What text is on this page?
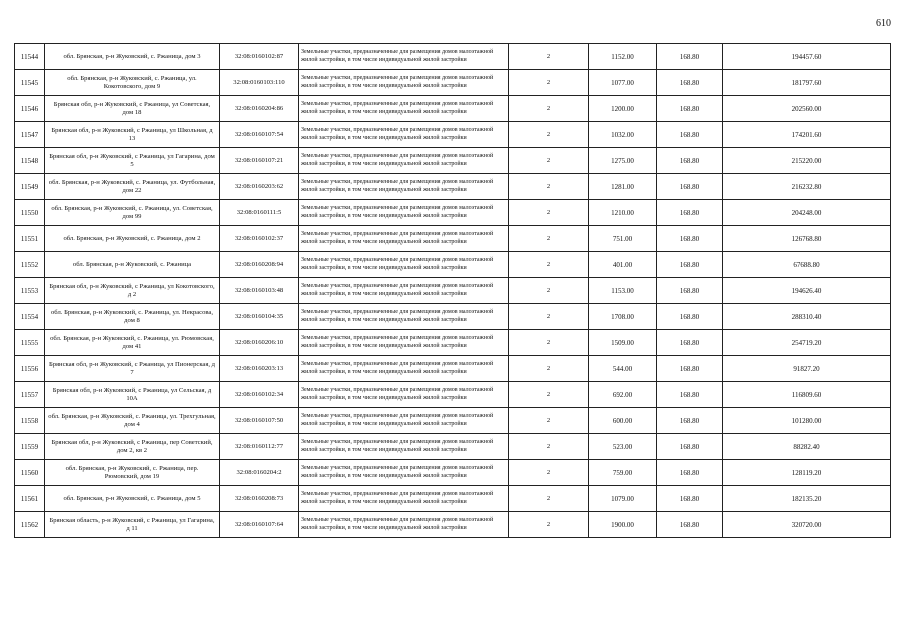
610
11544	обл. Брянская, р-н Жуковский, с. Ржаница, дом 3	32:08:0160102:87	Земельные участки, предназначенные для размещения домов малоэтажной жилой застройки, в том числе индивидуальной жилой застройки	2	1152.00	168.80	194457.60
11545	обл. Брянская, р-н Жуковский, с. Ржаница, ул. Кокотовского, дом 9	32:08:0160103:110	Земельные участки, предназначенные для размещения домов малоэтажной жилой застройки, в том числе индивидуальной жилой застройки	2	1077.00	168.80	181797.60
11546	Брянская обл, р-н Жуковский, с Ржаница, ул Советская, дом 18	32:08:0160204:86	Земельные участки, предназначенные для размещения домов малоэтажной жилой застройки, в том числе индивидуальной жилой застройки	2	1200.00	168.80	202560.00
11547	Брянская обл, р-н Жуковский, с Ржаница, ул Школьная, д 13	32:08:0160107:54	Земельные участки, предназначенные для размещения домов малоэтажной жилой застройки, в том числе индивидуальной жилой застройки	2	1032.00	168.80	174201.60
11548	Брянская обл, р-н Жуковский, с Ржаница, ул Гагарина, дом 5	32:08:0160107:21	Земельные участки, предназначенные для размещения домов малоэтажной жилой застройки, в том числе индивидуальной жилой застройки	2	1275.00	168.80	215220.00
11549	обл. Брянская, р-н Жуковский, с. Ржаница, ул. Футбольная, дом 22	32:08:0160203:62	Земельные участки, предназначенные для размещения домов малоэтажной жилой застройки, в том числе индивидуальной жилой застройки	2	1281.00	168.80	216232.80
11550	обл. Брянская, р-н Жуковский, с. Ржаница, ул. Советская, дом 99	32:08:0160111:5	Земельные участки, предназначенные для размещения домов малоэтажной жилой застройки, в том числе индивидуальной жилой застройки	2	1210.00	168.80	204248.00
11551	обл. Брянская, р-н Жуковский, с. Ржаница, дом 2	32:08:0160102:37	Земельные участки, предназначенные для размещения домов малоэтажной жилой застройки, в том числе индивидуальной жилой застройки	2	751.00	168.80	126768.80
11552	обл. Брянская, р-н Жуковский, с. Ржаница	32:08:0160208:94	Земельные участки, предназначенные для размещения домов малоэтажной жилой застройки, в том числе индивидуальной жилой застройки	2	401.00	168.80	67688.80
11553	Брянская обл, р-н Жуковский, с Ржаница, ул Кокотовского, д 2	32:08:0160103:48	Земельные участки, предназначенные для размещения домов малоэтажной жилой застройки, в том числе индивидуальной жилой застройки	2	1153.00	168.80	194626.40
11554	обл. Брянская, р-н Жуковский, с. Ржаница, ул. Некрасова, дом 8	32:08:0160104:35	Земельные участки, предназначенные для размещения домов малоэтажной жилой застройки, в том числе индивидуальной жилой застройки	2	1708.00	168.80	288310.40
11555	обл. Брянская, р-н Жуковский, с. Ржаница, ул. Рюмовская, дом 41	32:08:0160206:10	Земельные участки, предназначенные для размещения домов малоэтажной жилой застройки, в том числе индивидуальной жилой застройки	2	1509.00	168.80	254719.20
11556	Брянская обл, р-н Жуковский, с Ржаница, ул Пионерская, д 7	32:08:0160203:13	Земельные участки, предназначенные для размещения домов малоэтажной жилой застройки, в том числе индивидуальной жилой застройки	2	544.00	168.80	91827.20
11557	Брянская обл, р-н Жуковский, с Ржаница, ул Сельская, д 10А	32:08:0160102:34	Земельные участки, предназначенные для размещения домов малоэтажной жилой застройки, в том числе индивидуальной жилой застройки	2	692.00	168.80	116809.60
11558	обл. Брянская, р-н Жуковский, с. Ржаница, ул. Трехгульная, дом 4	32:08:0160107:50	Земельные участки, предназначенные для размещения домов малоэтажной жилой застройки, в том числе индивидуальной жилой застройки	2	600.00	168.80	101280.00
11559	Брянская обл, р-н Жуковский, с Ржаница, пер Советский, дом 2, кв 2	32:08:0160112:77	Земельные участки, предназначенные для размещения домов малоэтажной жилой застройки, в том числе индивидуальной жилой застройки	2	523.00	168.80	88282.40
11560	обл. Брянская, р-н Жуковский, с. Ржаница, пер. Рюмовский, дом 19	32:08:0160204:2	Земельные участки, предназначенные для размещения домов малоэтажной жилой застройки, в том числе индивидуальной жилой застройки	2	759.00	168.80	128119.20
11561	обл. Брянская, р-н Жуковский, с. Ржаница, дом 5	32:08:0160208:73	Земельные участки, предназначенные для размещения домов малоэтажной жилой застройки, в том числе индивидуальной жилой застройки	2	1079.00	168.80	182135.20
11562	Брянская область, р-н Жуковский, с Ржаница, ул Гагарина, д 11	32:08:0160107:64	Земельные участки, предназначенные для размещения домов малоэтажной жилой застройки, в том числе индивидуальной жилой застройки	2	1900.00	168.80	320720.00
